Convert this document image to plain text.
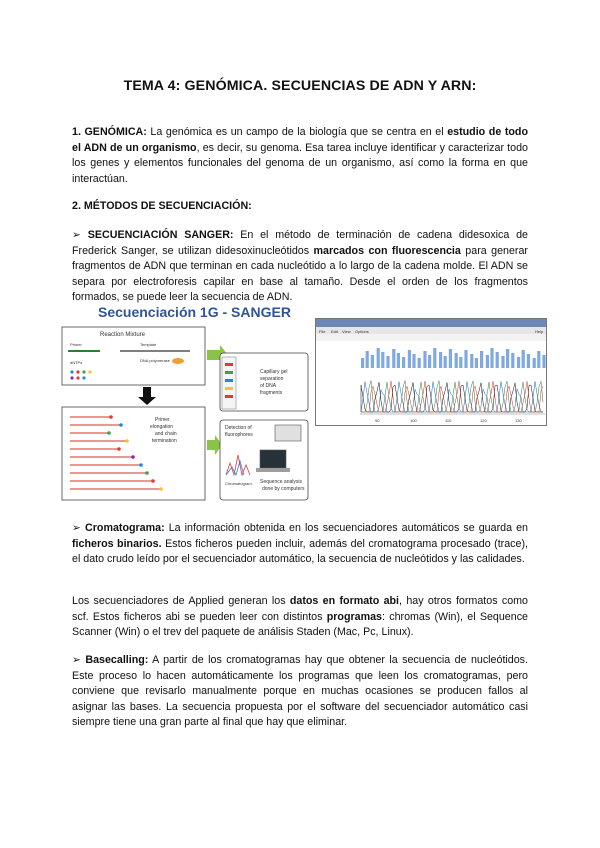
TEMA 4: GENÓMICA. SECUENCIAS DE ADN Y ARN:

1. GENÓMICA: La genómica es un campo de la biología que se centra en el estudio de todo el ADN de un organismo, es decir, su genoma. Esa tarea incluye identificar y caracterizar todo los genes y elementos funcionales del genoma de un organismo, así como la forma en que interactúan.

2. MÉTODOS DE SECUENCIACIÓN:

➢ SECUENCIACIÓN SANGER: En el método de terminación de cadena didesoxica de Frederick Sanger, se utilizan didesoxinucleótidos marcados con fluorescencia para generar fragmentos de ADN que terminan en cada nucleótido a lo largo de la cadena molde. El ADN se separa por electroforesis capilar en base al tamaño. Desde el orden de los fragmentos formados, se puede leer la secuencia de ADN.

Secuenciación 1G - SANGER
Reaction Mixture
Primer	Template
dNTPs	DNA polymerase
Primer
elongation
and chain
termination
Capillary gel
separation
of DNA
fragments
Detection of
fluorophores
Chromatogram Sequence analysis
done by computers
File Edit View Options	Help
90	100	110	120	130

➢ Cromatograma: La información obtenida en los secuenciadores automáticos se guarda en ficheros binarios. Estos ficheros pueden incluir, además del cromatograma procesado (trace), el dato crudo leído por el secuenciador automático, la secuencia de nucleótidos y las calidades.

Los secuenciadores de Applied generan los datos en formato abi, hay otros formatos como scf. Estos ficheros abi se pueden leer con distintos programas: chromas (Win), el Sequence Scanner (Win) o el trev del paquete de análisis Staden (Mac, Pc, Linux).

➢ Basecalling: A partir de los cromatogramas hay que obtener la secuencia de nucleótidos. Este proceso lo hacen automáticamente los programas que leen los cromatogramas, pero conviene que revisarlo manualmente porque en muchas ocasiones se producen fallos al asignar las bases. La secuencia propuesta por el software del secuenciador automático casi siempre tiene una gran parte al final que hay que eliminar.
